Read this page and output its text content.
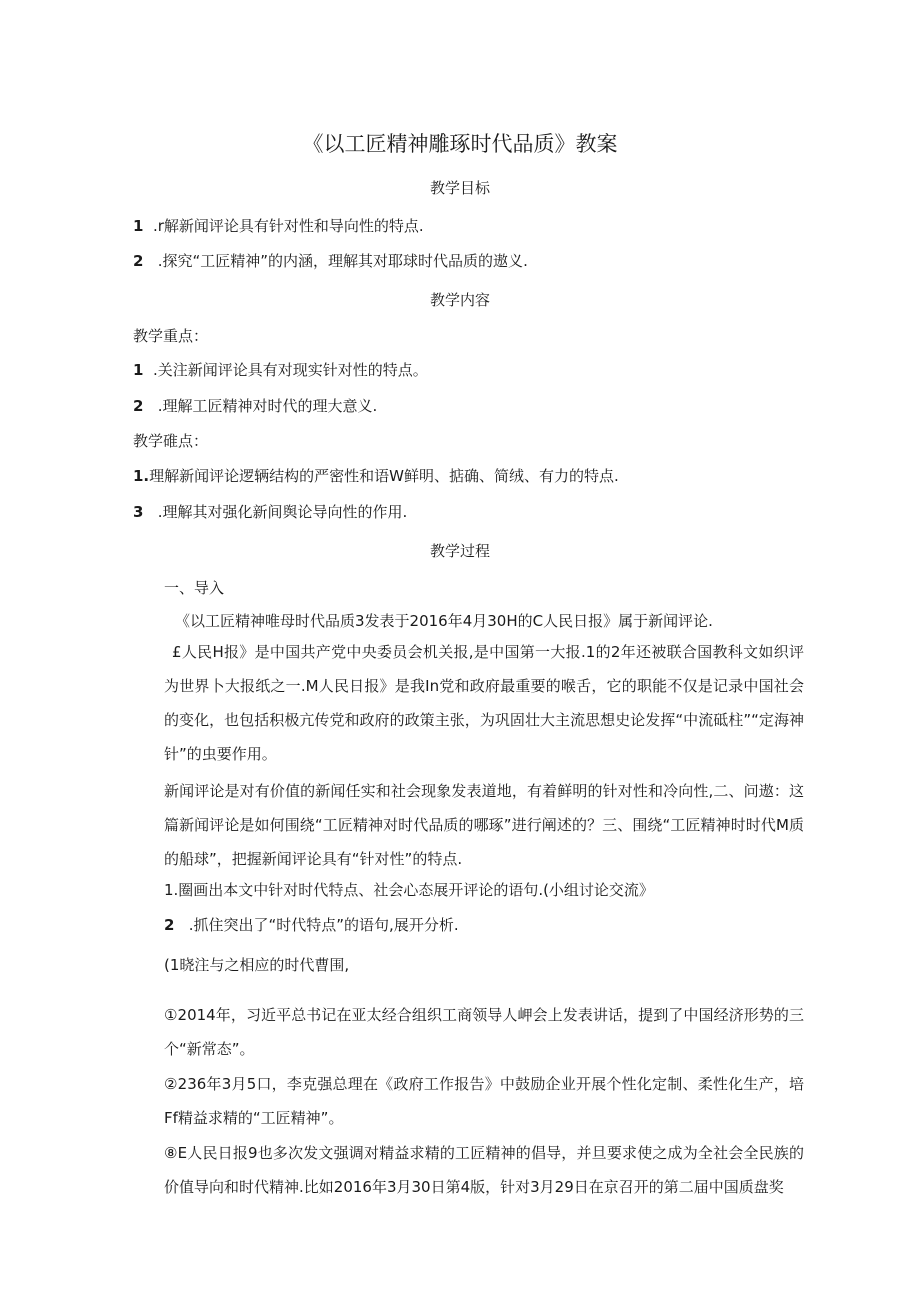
《以工匠精神雕琢时代品质》教案
教学目标
1 .r解新闻评论具有针对性和导向性的特点.
2 .探究“工匠精神”的内涵，理解其对耶球时代品质的遨义.
教学内容
教学重点：
1 .关注新闻评论具有对现实针对性的特点。
2 .理解工匠精神对时代的理大意义.
教学碓点：
1.理解新闻评论逻辆结构的严密性和语W鲜明、掂确、简绒、有力的特点.
3 .理解其对强化新间舆论导向性的作用.
教学过程
一、导入
《以工匠精神唯母时代品质3发表于2016年4月30H的C人民日报》属于新闻评论.
£人民H报》是中国共产党中央委员会机关报,是中国第一大报.1的2年还被联合国教科文如织评为世界卜大报纸之一.M人民日报》是我In党和政府最重要的喉舌，它的职能不仅是记录中国社会的变化，也包括积极亢传党和政府的政策主张，为巩固壮大主流思想史论发挥“中流砥柱”“定海神针”的虫要作用。
新闻评论是对有价值的新闻任实和社会现象发表道地，有着鲜明的针对性和冷向性,二、问遨：这篇新闻评论是如何围绕“工匠精神对时代品质的哪琢”进行阐述的？三、围绕“工匠精神时时代M质的船球”，把握新闻评论具有“针对性”的特点.
1.圈画出本文中针对时代特点、社会心态展开评论的语句.(小组讨论交流》
2 .抓住突出了“时代特点”的语句,展开分析.
(1晓注与之相应的时代曹围,
①2014年，习近平总书记在亚太经合组织工商领导人岬会上发表讲话，提到了中国经济形势的三个“新常态”。
②236年3月5口，李克强总理在《政府工作报告》中鼓励企业开展个性化定制、柔性化生产，培Ff精益求精的“工匠精神”。
⑧E人民日报9也多次发文强调对精益求精的工匠精神的倡导，并旦要求使之成为全社会全民族的价值导向和时代精神.比如2016年3月30日第4版，针对3月29日在京召开的第二届中国质盘奖
